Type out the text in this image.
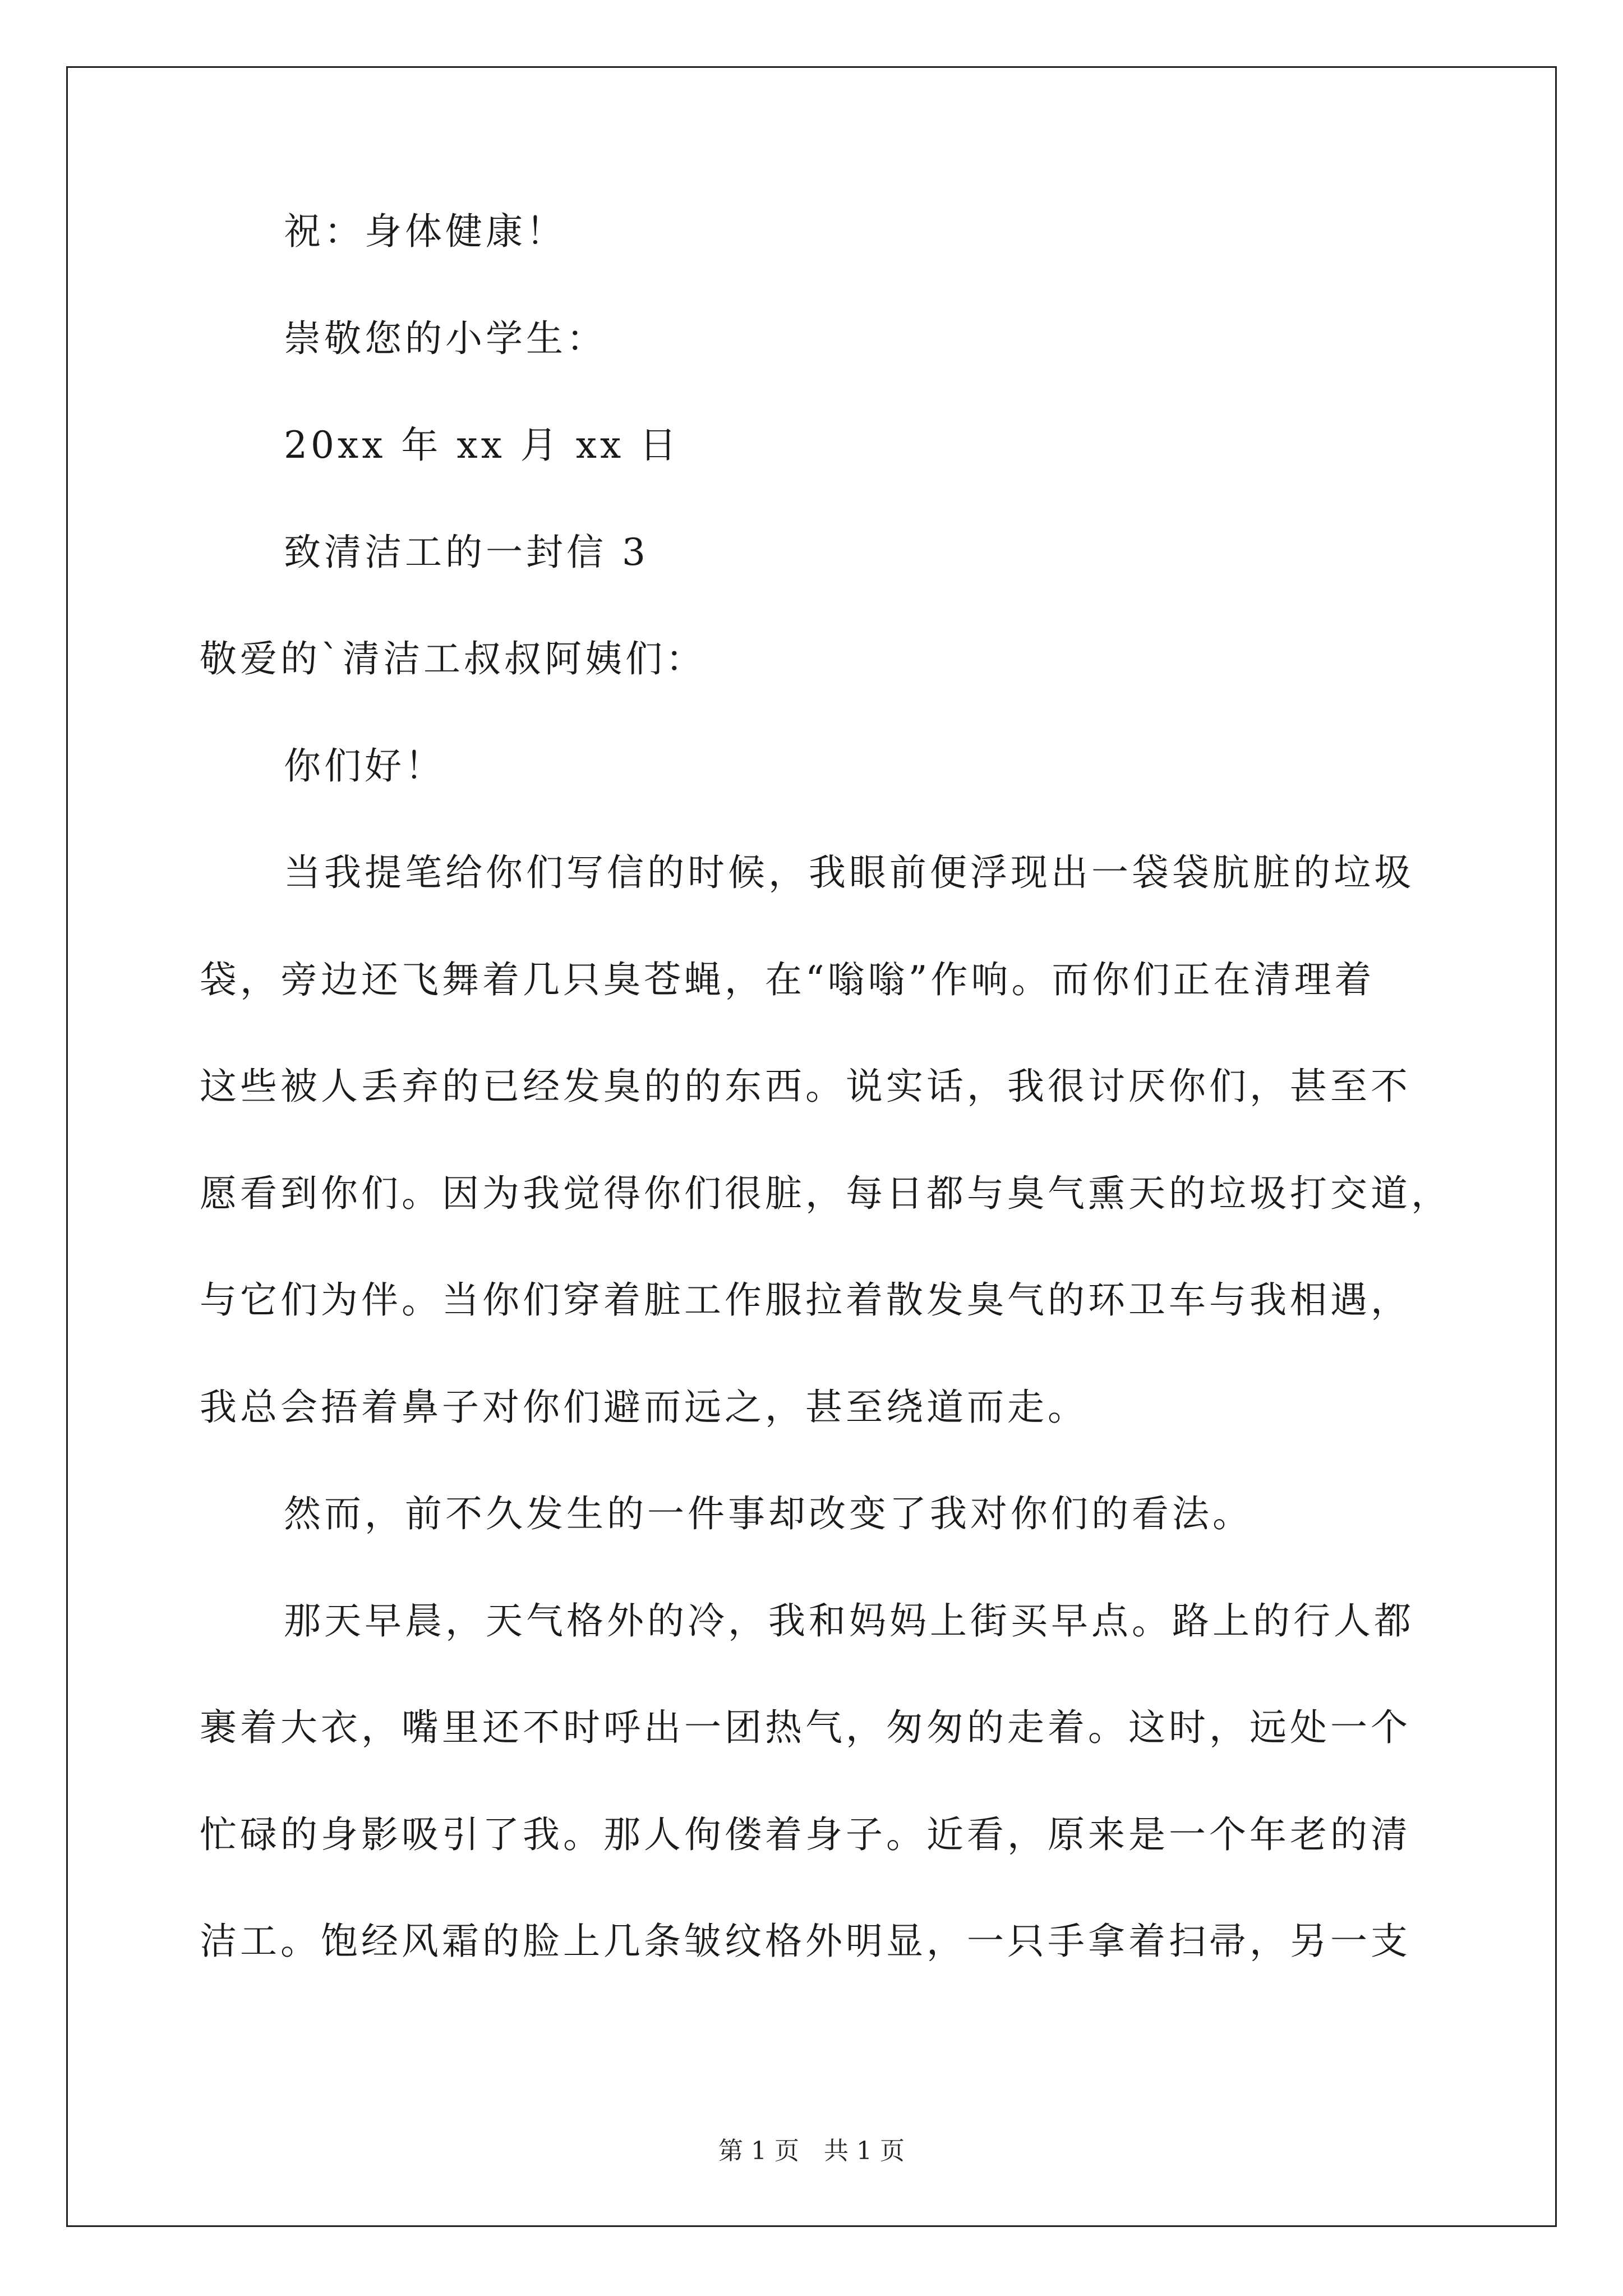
祝：身体健康！
崇敬您的小学生：
20xx 年 xx 月 xx 日
致清洁工的一封信 3
敬爱的`清洁工叔叔阿姨们：
你们好！
当我提笔给你们写信的时候，我眼前便浮现出一袋袋肮脏的垃圾
袋，旁边还飞舞着几只臭苍蝇，在“嗡嗡”作响。而你们正在清理着
这些被人丢弃的已经发臭的的东西。说实话，我很讨厌你们，甚至不
愿看到你们。因为我觉得你们很脏，每日都与臭气熏天的垃圾打交道，
与它们为伴。当你们穿着脏工作服拉着散发臭气的环卫车与我相遇，
我总会捂着鼻子对你们避而远之，甚至绕道而走。
然而，前不久发生的一件事却改变了我对你们的看法。
那天早晨，天气格外的冷，我和妈妈上街买早点。路上的行人都
裹着大衣，嘴里还不时呼出一团热气，匆匆的走着。这时，远处一个
忙碌的身影吸引了我。那人佝偻着身子。近看，原来是一个年老的清
洁工。饱经风霜的脸上几条皱纹格外明显，一只手拿着扫帚，另一支
第 1 页　共 1 页
